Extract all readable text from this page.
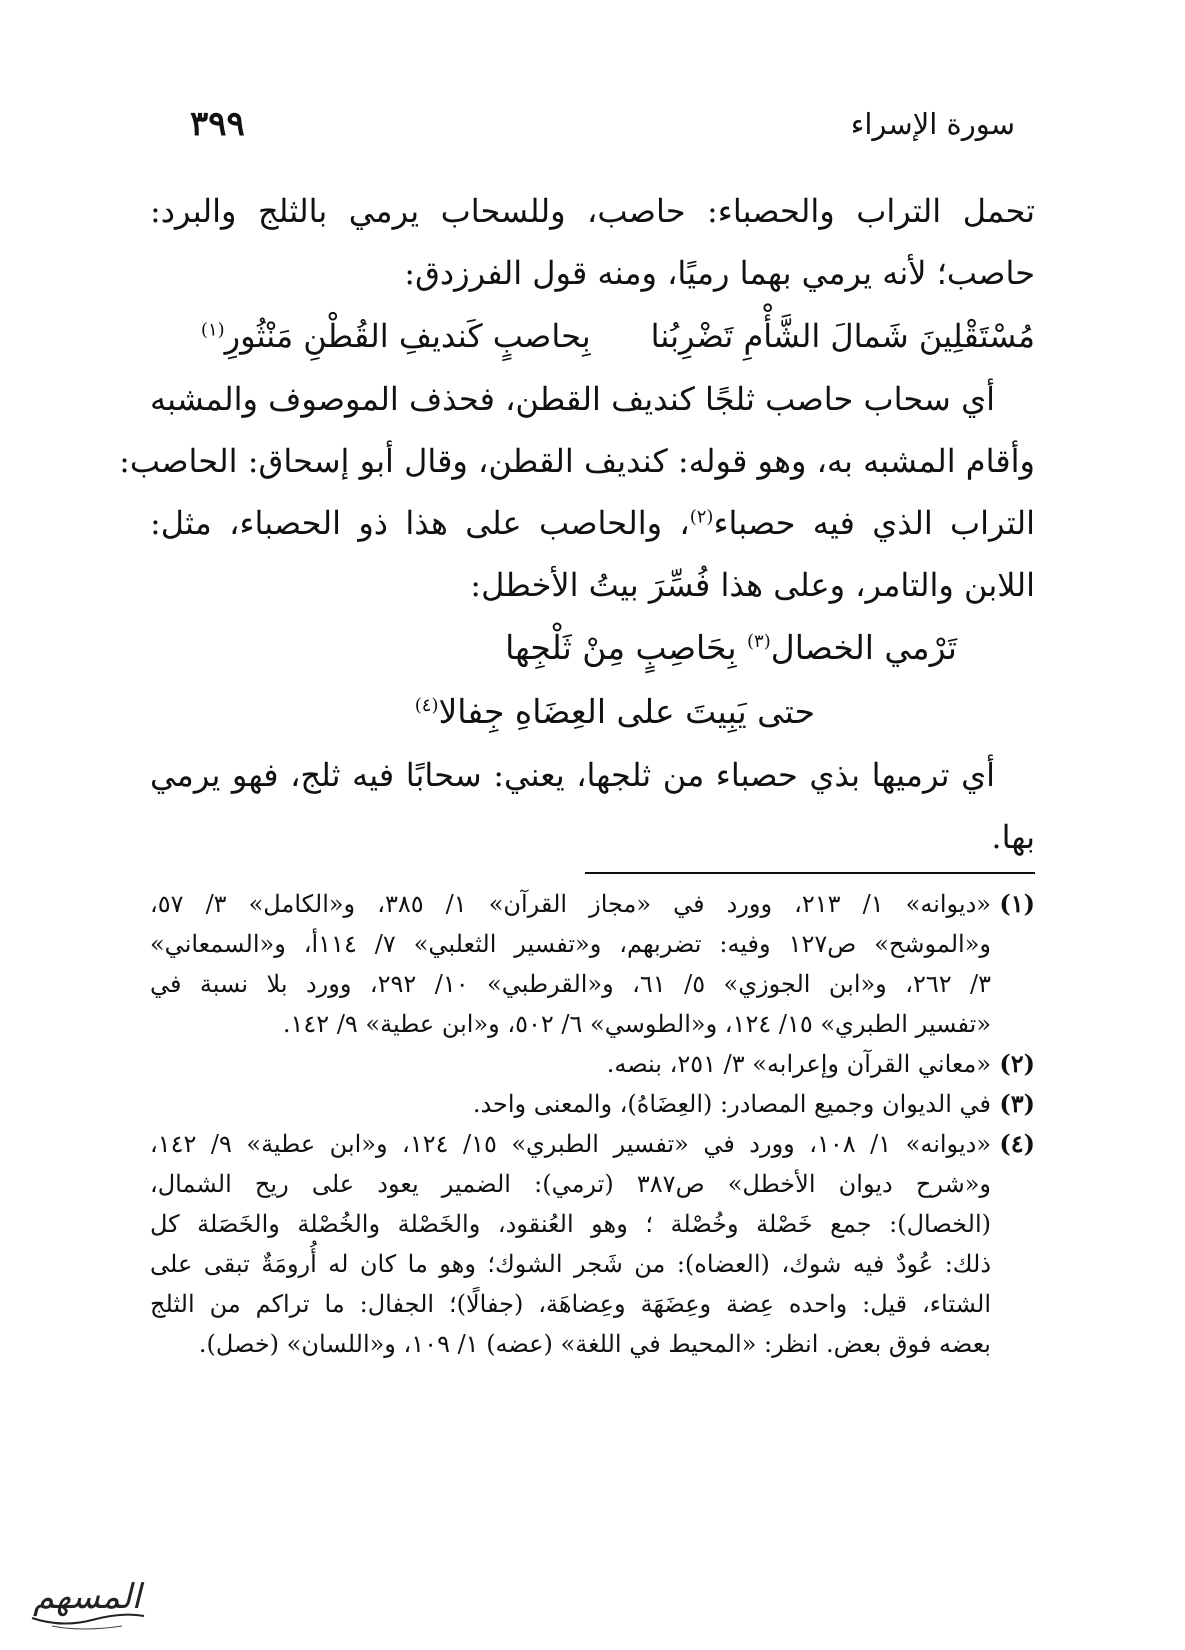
سورة الإسراء
٣٩٩
تحمل التراب والحصباء: حاصب، وللسحاب يرمي بالثلج والبرد:
حاصب؛ لأنه يرمي بهما رميًا، ومنه قول الفرزدق:
مُسْتَقْلِينَ شَمالَ الشَّأْمِ تَضْرِبُنا
بِحاصبٍ كَنديفِ القُطْنِ مَنْثُورِ$^{(١)}$
أي سحاب حاصب ثلجًا كنديف القطن، فحذف الموصوف والمشبه
وأقام المشبه به، وهو قوله: كنديف القطن، وقال أبو إسحاق: الحاصب:
التراب الذي فيه حصباء$^{(٢)}$، والحاصب على هذا ذو الحصباء، مثل:
اللابن والتامر، وعلى هذا فُسِّرَ بيتُ الأخطل:
تَرْمي الخصال$^{(٣)}$ بِحَاصِبٍ مِنْ ثَلْجِها
حتى يَبِيتَ على العِضَاهِ جِفالا$^{(٤)}$
أي ترميها بذي حصباء من ثلجها، يعني: سحابًا فيه ثلج، فهو يرمي
بها.
(١)
«ديوانه» ١/ ٢١٣، وورد في «مجاز القرآن» ١/ ٣٨٥، و«الكامل» ٣/ ٥٧،
و«الموشح» ص١٢٧ وفيه: تضربهم، و«تفسير الثعلبي» ٧/ ١١٤أ، و«السمعاني»
٣/ ٢٦٢، و«ابن الجوزي» ٥/ ٦١، و«القرطبي» ١٠/ ٢٩٢، وورد بلا نسبة في
«تفسير الطبري» ١٥/ ١٢٤، و«الطوسي» ٦/ ٥٠٢، و«ابن عطية» ٩/ ١٤٢.
(٢)
«معاني القرآن وإعرابه» ٣/ ٢٥١، بنصه.
(٣)
في الديوان وجميع المصادر: (العِضَاهُ)، والمعنى واحد.
(٤)
«ديوانه» ١/ ١٠٨، وورد في «تفسير الطبري» ١٥/ ١٢٤، و«ابن عطية» ٩/ ١٤٢،
و«شرح ديوان الأخطل» ص٣٨٧ (ترمي): الضمير يعود على ريح الشمال،
(الخصال): جمع خَصْلة وخُصْلة ؛ وهو العُنقود، والخَصْلة والخُصْلة والخَصَلة كل
ذلك: عُودٌ فيه شوك، (العضاه): من شَجر الشوك؛ وهو ما كان له أُرومَةٌ تبقى على
الشتاء، قيل: واحده عِضة وعِضَهَة وعِضاهَة، (جفالًا)؛ الجفال: ما تراكم من الثلج
بعضه فوق بعض. انظر: «المحيط في اللغة» (عضه) ١/ ١٠٩، و«اللسان» (خصل).
المسهم
